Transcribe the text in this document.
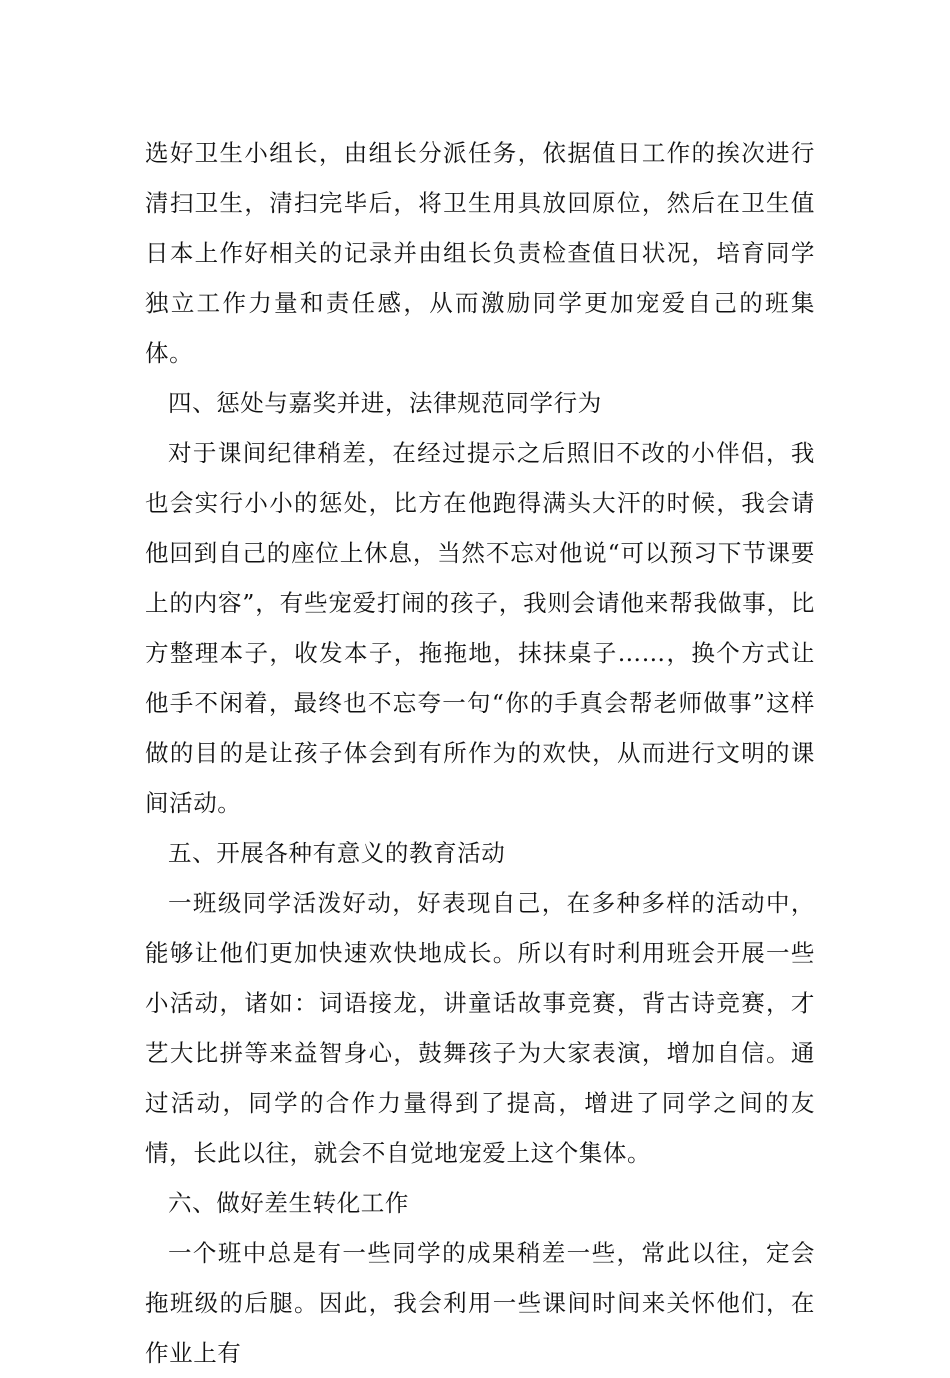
选好卫生小组长，由组长分派任务，依据值日工作的挨次进行清扫卫生，清扫完毕后，将卫生用具放回原位，然后在卫生值日本上作好相关的记录并由组长负责检查值日状况，培育同学独立工作力量和责任感，从而激励同学更加宠爱自己的班集体。

四、惩处与嘉奖并进，法律规范同学行为

对于课间纪律稍差，在经过提示之后照旧不改的小伴侣，我也会实行小小的惩处，比方在他跑得满头大汗的时候，我会请他回到自己的座位上休息，当然不忘对他说“可以预习下节课要上的内容”，有些宠爱打闹的孩子，我则会请他来帮我做事，比方整理本子，收发本子，拖拖地，抹抹桌子……，换个方式让他手不闲着，最终也不忘夸一句“你的手真会帮老师做事”这样做的目的是让孩子体会到有所作为的欢快，从而进行文明的课间活动。

五、开展各种有意义的教育活动

一班级同学活泼好动，好表现自己，在多种多样的活动中，能够让他们更加快速欢快地成长。所以有时利用班会开展一些小活动，诸如：词语接龙，讲童话故事竞赛，背古诗竞赛，才艺大比拼等来益智身心，鼓舞孩子为大家表演，增加自信。通过活动，同学的合作力量得到了提高，增进了同学之间的友情，长此以往，就会不自觉地宠爱上这个集体。

六、做好差生转化工作

一个班中总是有一些同学的成果稍差一些，常此以往，定会拖班级的后腿。因此，我会利用一些课间时间来关怀他们，在作业上有
